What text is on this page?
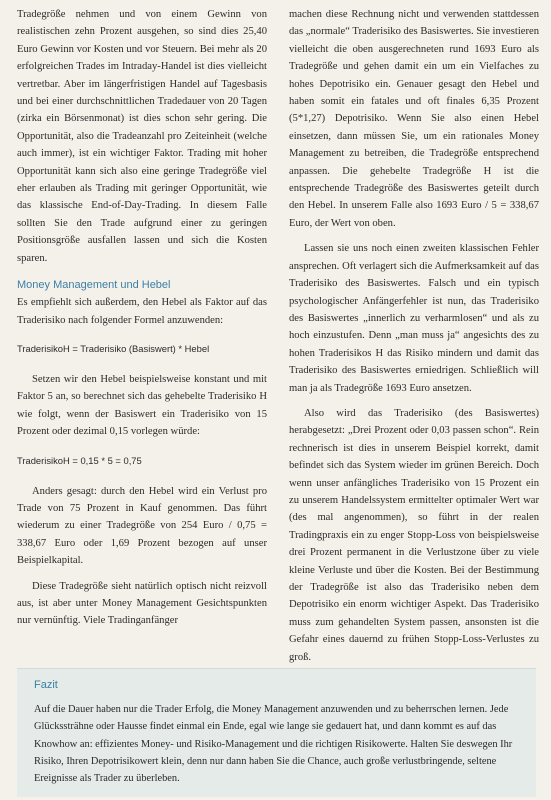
Tradegröße nehmen und von einem Gewinn von realistischen zehn Prozent ausgehen, so sind dies 25,40 Euro Gewinn vor Kosten und vor Steuern. Bei mehr als 20 erfolgreichen Trades im Intraday-Handel ist dies vielleicht vertretbar. Aber im längerfristigen Handel auf Tagesbasis und bei einer durchschnittlichen Tradedauer von 20 Tagen (zirka ein Börsenmonat) ist dies schon sehr gering. Die Opportunität, also die Tradeanzahl pro Zeiteinheit (welche auch immer), ist ein wichtiger Faktor. Trading mit hoher Opportunität kann sich also eine geringe Tradegröße viel eher erlauben als Trading mit geringer Opportunität, wie das klassische End-of-Day-Trading. In diesem Falle sollten Sie den Trade aufgrund einer zu geringen Positionsgröße ausfallen lassen und sich die Kosten sparen.

Money Management und Hebel

Es empfiehlt sich außerdem, den Hebel als Faktor auf das Traderisiko nach folgender Formel anzuwenden:

TraderisikoH = Traderisiko (Basiswert) * Hebel

Setzen wir den Hebel beispielsweise konstant und mit Faktor 5 an, so berechnet sich das gehebelte Traderisiko H wie folgt, wenn der Basiswert ein Traderisiko von 15 Prozent oder dezimal 0,15 vorlegen würde:

TraderisikoH = 0,15 * 5 = 0,75

Anders gesagt: durch den Hebel wird ein Verlust pro Trade von 75 Prozent in Kauf genommen. Das führt wiederum zu einer Tradegröße von 254 Euro / 0,75 = 338,67 Euro oder 1,69 Prozent bezogen auf unser Beispielkapital.

Diese Tradegröße sieht natürlich optisch nicht reizvoll aus, ist aber unter Money Management Gesichtspunkten nur vernünftig. Viele Tradinganfänger

machen diese Rechnung nicht und verwenden stattdessen das „normale“ Traderisiko des Basiswertes. Sie investieren vielleicht die oben ausgerechneten rund 1693 Euro als Tradegröße und gehen damit ein um ein Vielfaches zu hohes Depotrisiko ein. Genauer gesagt den Hebel und haben somit ein fatales und oft finales 6,35 Prozent (5*1,27) Depotrisiko. Wenn Sie also einen Hebel einsetzen, dann müssen Sie, um ein rationales Money Management zu betreiben, die Tradegröße entsprechend anpassen. Die gehebelte Tradegröße H ist die entsprechende Tradegröße des Basiswertes geteilt durch den Hebel. In unserem Falle also 1693 Euro / 5 = 338,67 Euro, der Wert von oben.

Lassen sie uns noch einen zweiten klassischen Fehler ansprechen. Oft verlagert sich die Aufmerksamkeit auf das Traderisiko des Basiswertes. Falsch und ein typisch psychologischer Anfängerfehler ist nun, das Traderisiko des Basiswertes „innerlich zu verharmlosen“ und als zu hoch einzustufen. Denn „man muss ja“ angesichts des zu hohen Traderisikos H das Risiko mindern und damit das Traderisiko des Basiswertes erniedrigen. Schließlich will man ja als Tradegröße 1693 Euro ansetzen.

Also wird das Traderisiko (des Basiswertes) herabgesetzt: „Drei Prozent oder 0,03 passen schon“. Rein rechnerisch ist dies in unserem Beispiel korrekt, damit befindet sich das System wieder im grünen Bereich. Doch wenn unser anfängliches Traderisiko von 15 Prozent ein zu unserem Handelssystem ermittelter optimaler Wert war (des mal angenommen), so führt in der realen Tradingpraxis ein zu enger Stopp-Loss von beispielsweise drei Prozent permanent in die Verlustzone über zu viele kleine Verluste und über die Kosten. Bei der Bestimmung der Tradegröße ist also das Traderisiko neben dem Depotrisiko ein enorm wichtiger Aspekt. Das Traderisiko muss zum gehandelten System passen, ansonsten ist die Gefahr eines dauernd zu frühen Stopp-Loss-Verlustes zu groß.

Fazit
Auf die Dauer haben nur die Trader Erfolg, die Money Management anzuwenden und zu beherrschen lernen. Jede Glückssträhne oder Hausse findet einmal ein Ende, egal wie lange sie gedauert hat, und dann kommt es auf das Knowhow an: effizientes Money- und Risiko-Management und die richtigen Risikowerte. Halten Sie deswegen Ihr Risiko, Ihren Depotrisikowert klein, denn nur dann haben Sie die Chance, auch große verlustbringende, seltene Ereignisse als Trader zu überleben.
